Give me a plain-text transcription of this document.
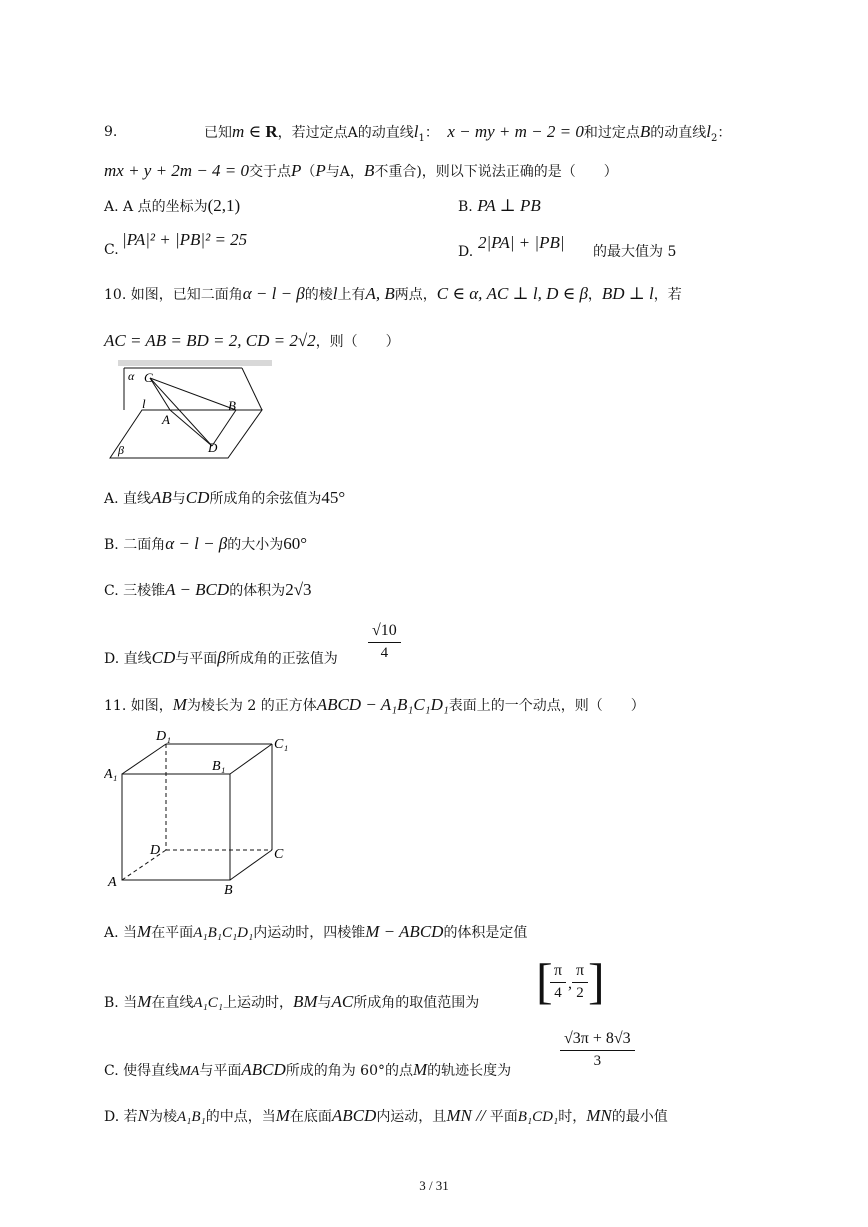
9.	已知m ∈ R，若过定点A的动直线$l_1$： x − my + m − 2 = 0和过定点B的动直线$l_2$：
mx + y + 2m − 4 = 0交于点P（P与A，B不重合)，则以下说法正确的是（　　）
A. A 点的坐标为(2,1)	B. PA ⊥ PB
C.
|PA|² + |PB|² = 25
D. 2|PA| + |PB| 的最大值为 5
10. 如图，已知二面角α − l − β的棱l上有A, B两点，C ∈ α, AC ⊥ l, D ∈ β，BD ⊥ l，若
AC = AB = BD = 2, CD = 2√2，则（　　）
α C
l
A
B
D
β
A. 直线AB与CD所成角的余弦值为45°
B. 二面角α − l − β的大小为60°
C. 三棱锥A − BCD的体积为2√3
D. 直线CD与平面β所成角的正弦值为 $\frac{√10}{4}$
11. 如图，M为棱长为 2 的正方体ABCD − A₁B₁C₁D₁表面上的一个动点，则（　　）
D₁
C₁
A₁
B₁
D	C
A
B
A. 当M在平面A₁B₁C₁D₁内运动时，四棱锥M − ABCD的体积是定值
B. 当M在直线A₁C₁上运动时，BM与AC所成角的取值范围为 [
$\frac{\pi}{4}$ , $\frac{\pi}{2}$ ]
C. 使得直线MA与平面ABCD所成的角为 60°的点M的轨迹长度为
$\frac{√3\pi + 8√3}{3}$
D. 若N为棱A₁B₁的中点，当M在底面ABCD内运动，且MN // 平面B₁CD₁时，MN的最小值
3 / 31
